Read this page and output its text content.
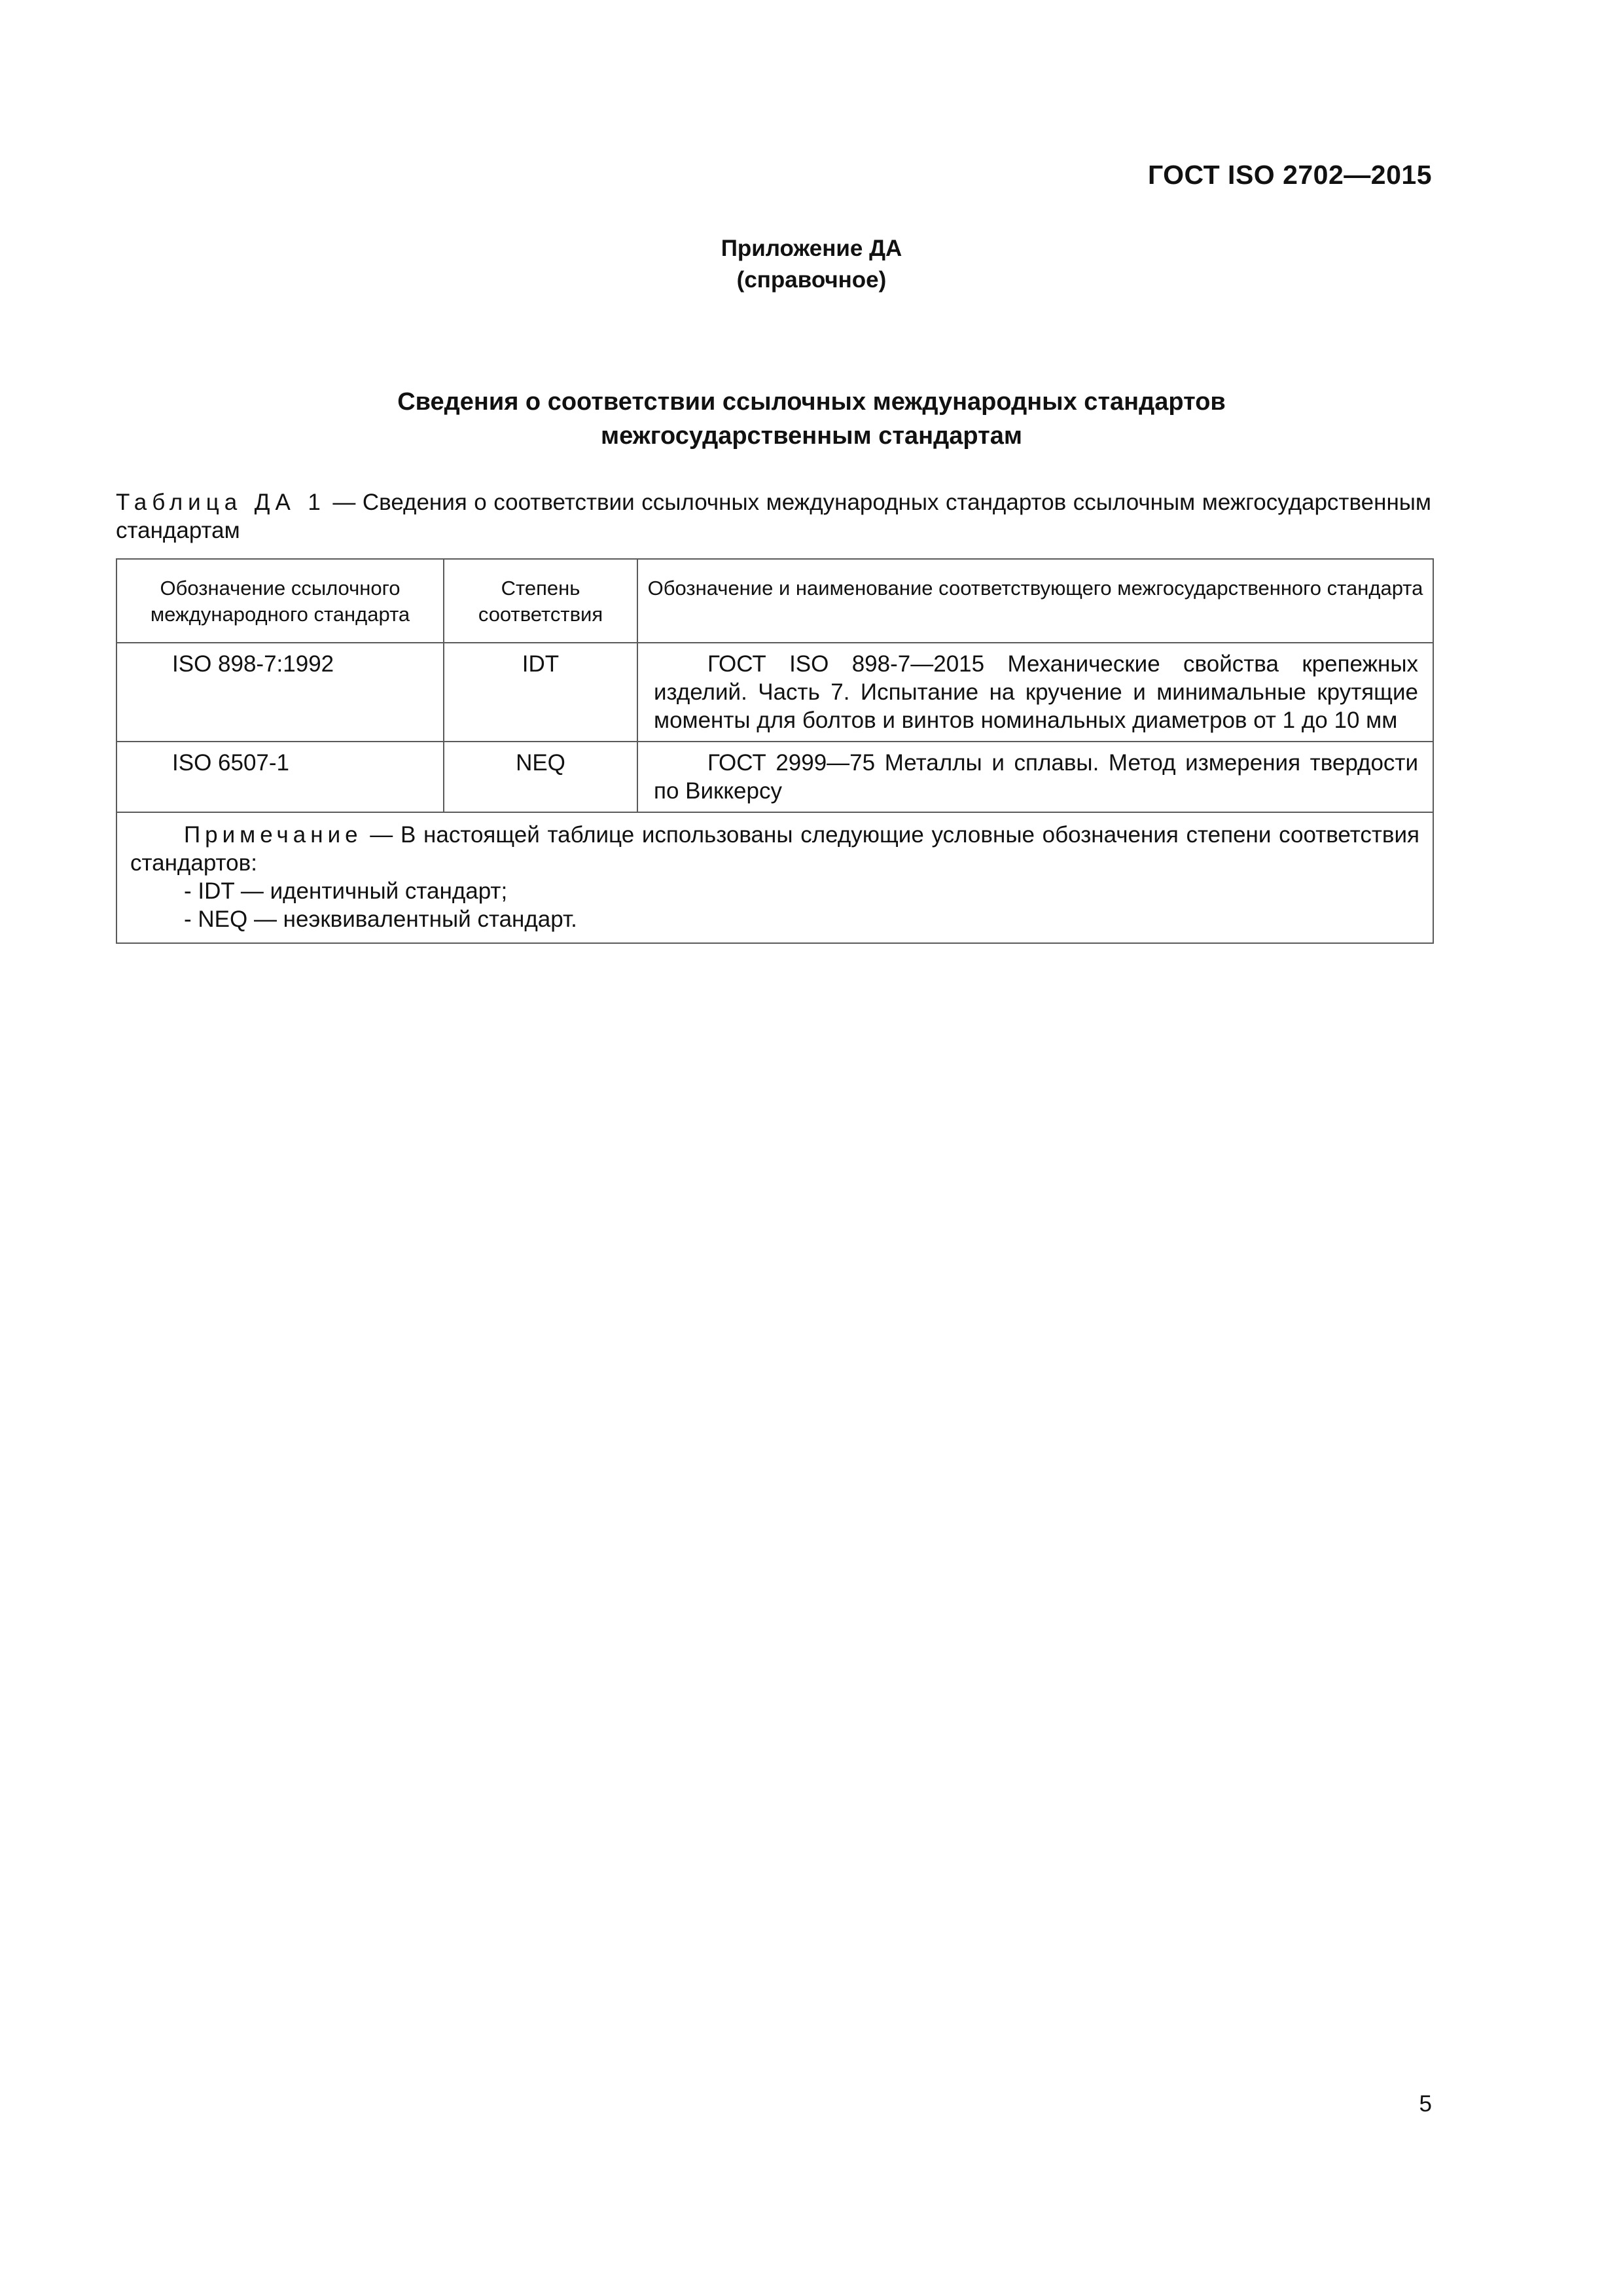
ГОСТ ISO 2702—2015
Приложение ДА
(справочное)
Сведения о соответствии ссылочных международных стандартов
межгосударственным стандартам
Таблица ДА 1 — Сведения о соответствии ссылочных международных стандартов ссылочным межгосударственным стандартам
Обозначение ссылочного международного стандарта	Степень соответствия	Обозначение и наименование соответствующего межгосударственного стандарта
ISO 898-7:1992	IDT	ГОСТ ISO 898-7—2015 Механические свойства крепежных изделий. Часть 7. Испытание на кручение и минимальные крутящие моменты для болтов и винтов номинальных диаметров от 1 до 10 мм
ISO 6507-1	NEQ	ГОСТ 2999—75 Металлы и сплавы. Метод измерения твердости по Виккерсу

Примечание — В настоящей таблице использованы следующие условные обозначения степени соответствия стандартов:
- IDT — идентичный стандарт;
- NEQ — неэквивалентный стандарт.		
5
